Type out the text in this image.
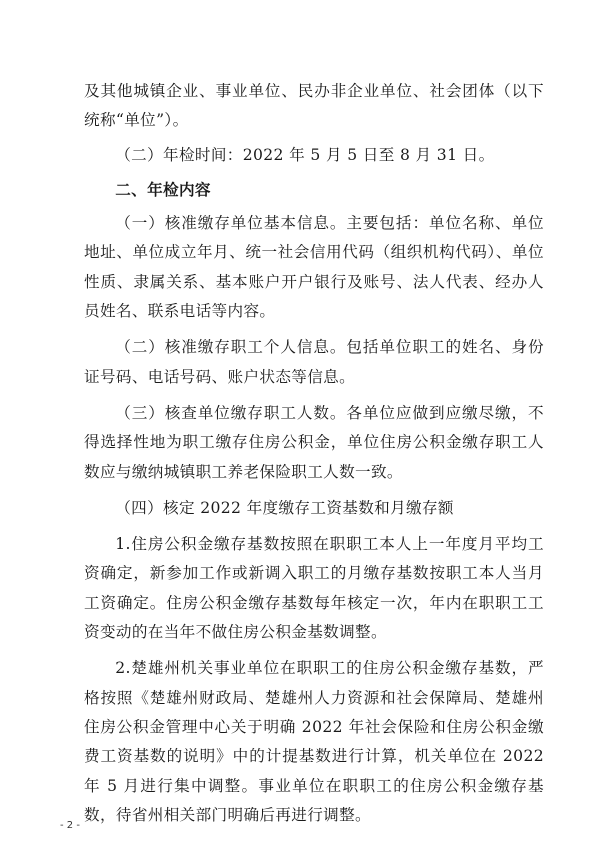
及其他城镇企业、事业单位、民办非企业单位、社会团体（以下统称“单位”）。

（二）年检时间：2022 年 5 月 5 日至 8 月 31 日。

二、年检内容

（一）核准缴存单位基本信息。主要包括：单位名称、单位地址、单位成立年月、统一社会信用代码（组织机构代码）、单位性质、隶属关系、基本账户开户银行及账号、法人代表、经办人员姓名、联系电话等内容。

（二）核准缴存职工个人信息。包括单位职工的姓名、身份证号码、电话号码、账户状态等信息。

（三）核查单位缴存职工人数。各单位应做到应缴尽缴，不得选择性地为职工缴存住房公积金，单位住房公积金缴存职工人数应与缴纳城镇职工养老保险职工人数一致。

（四）核定 2022 年度缴存工资基数和月缴存额

1.住房公积金缴存基数按照在职职工本人上一年度月平均工资确定，新参加工作或新调入职工的月缴存基数按职工本人当月工资确定。住房公积金缴存基数每年核定一次，年内在职职工工资变动的在当年不做住房公积金基数调整。

2.楚雄州机关事业单位在职职工的住房公积金缴存基数，严格按照《楚雄州财政局、楚雄州人力资源和社会保障局、楚雄州住房公积金管理中心关于明确 2022 年社会保险和住房公积金缴费工资基数的说明》中的计提基数进行计算，机关单位在 2022 年 5 月进行集中调整。事业单位在职职工的住房公积金缴存基数，待省州相关部门明确后再进行调整。

- 2 -
